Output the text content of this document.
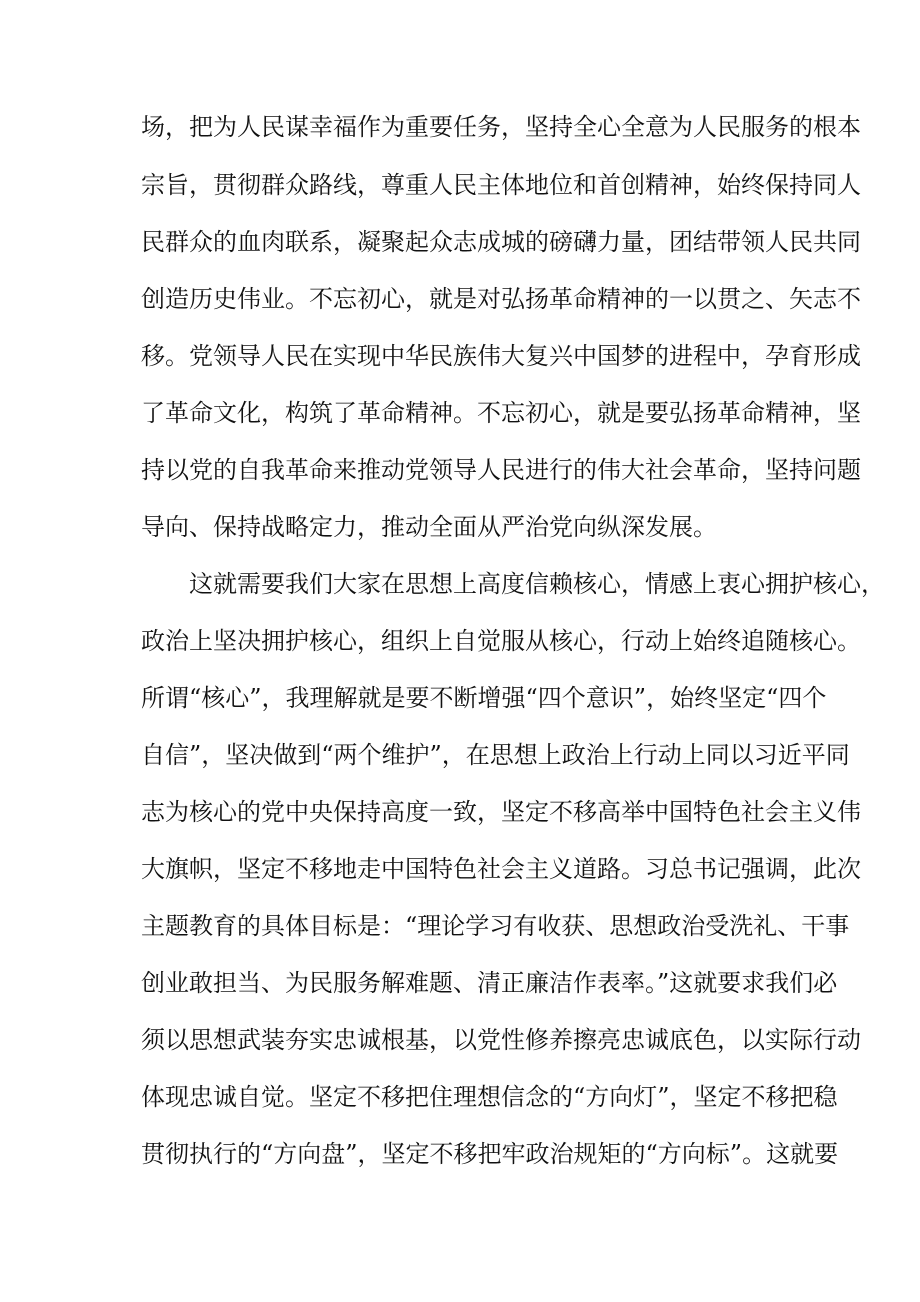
场，把为人民谋幸福作为重要任务，坚持全心全意为人民服务的根本
宗旨，贯彻群众路线，尊重人民主体地位和首创精神，始终保持同人
民群众的血肉联系，凝聚起众志成城的磅礴力量，团结带领人民共同
创造历史伟业。不忘初心，就是对弘扬革命精神的一以贯之、矢志不
移。党领导人民在实现中华民族伟大复兴中国梦的进程中，孕育形成
了革命文化，构筑了革命精神。不忘初心，就是要弘扬革命精神，坚
持以党的自我革命来推动党领导人民进行的伟大社会革命，坚持问题
导向、保持战略定力，推动全面从严治党向纵深发展。
　　这就需要我们大家在思想上高度信赖核心，情感上衷心拥护核心，
政治上坚决拥护核心，组织上自觉服从核心，行动上始终追随核心。
所谓“核心”，我理解就是要不断增强“四个意识”，始终坚定“四个
自信”，坚决做到“两个维护”，在思想上政治上行动上同以习近平同
志为核心的党中央保持高度一致，坚定不移高举中国特色社会主义伟
大旗帜，坚定不移地走中国特色社会主义道路。习总书记强调，此次
主题教育的具体目标是：“理论学习有收获、思想政治受洗礼、干事
创业敢担当、为民服务解难题、清正廉洁作表率。”这就要求我们必
须以思想武装夯实忠诚根基，以党性修养擦亮忠诚底色，以实际行动
体现忠诚自觉。坚定不移把住理想信念的“方向灯”，坚定不移把稳
贯彻执行的“方向盘”，坚定不移把牢政治规矩的“方向标”。这就要
